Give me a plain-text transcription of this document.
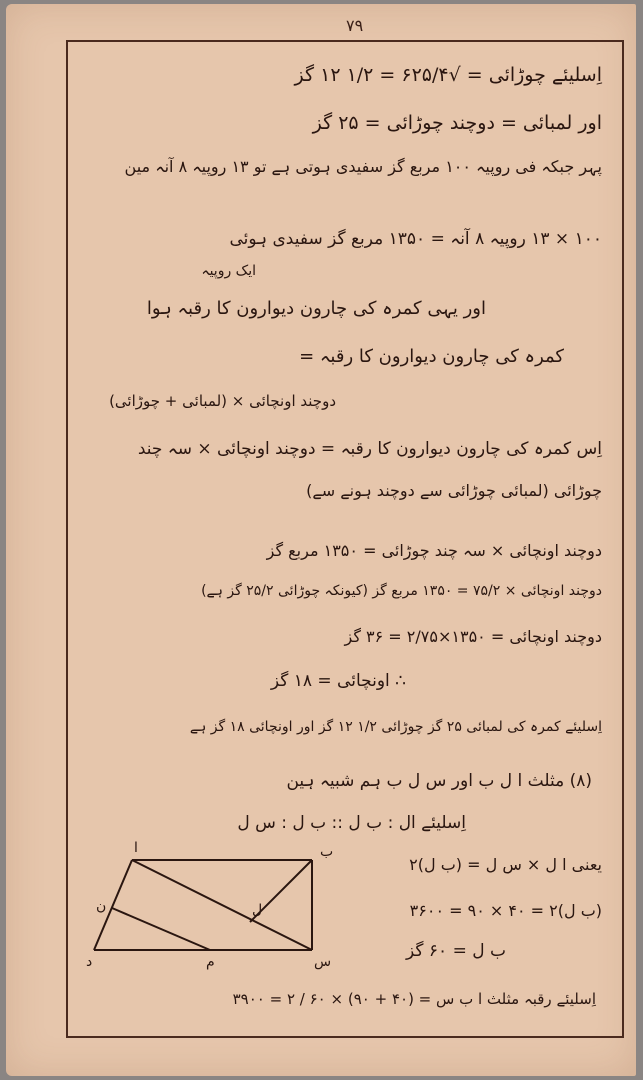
۷۹
اِسلیئے چوڑائی = √۶۲۵/۴ = ۱/۲ ۱۲ گز
اور لمبائی = دوچند چوڑائی = ۲۵ گز
پہر جبکہ فی روپیہ ۱۰۰ مربع گز سفیدی ہوتی ہے تو ۱۳ روپیہ ۸ آنہ مین
۱۰۰ × ۱۳ روپیہ ۸ آنہ = ۱۳۵۰ مربع گز سفیدی ہوئی
ایک روپیہ
اور یہی کمرہ کی چارون دیوارون کا رقبہ ہوا
کمرہ کی چارون دیوارون کا رقبہ =
دوچند اونچائی × (لمبائی + چوڑائی)
اِس کمرہ کی چارون دیوارون کا رقبہ = دوچند اونچائی × سہ چند
چوڑائی (لمبائی چوڑائی سے دوچند ہونے سے)
دوچند اونچائی × سہ چند چوڑائی = ۱۳۵۰ مربع گز
دوچند اونچائی × ۷۵/۲ = ۱۳۵۰ مربع گز (کیونکہ چوڑائی ۲۵/۲ گز ہے)
دوچند اونچائی = ۱۳۵۰×۲/۷۵ = ۳۶ گز
∴ اونچائی = ۱۸ گز
اِسلیئے کمرہ کی لمبائی ۲۵ گز چوڑائی ۱/۲ ۱۲ گز اور اونچائی ۱۸ گز ہے
(۸) مثلث ا ل ب اور س ل ب ہم شبیہ ہین
اِسلیئے ال : ب ل :: ب ل : س ل
یعنی ا ل × س ل = (ب ل)۲
(ب ل)۲ = ۴۰ × ۹۰ = ۳۶۰۰
ب ل = ۶۰ گز
اِسلیئے رقبہ مثلث ا ب س = (۴۰ + ۹۰) × ۶۰ / ۲ = ۳۹۰۰
ا	ب
ل
ن
م
د	س
